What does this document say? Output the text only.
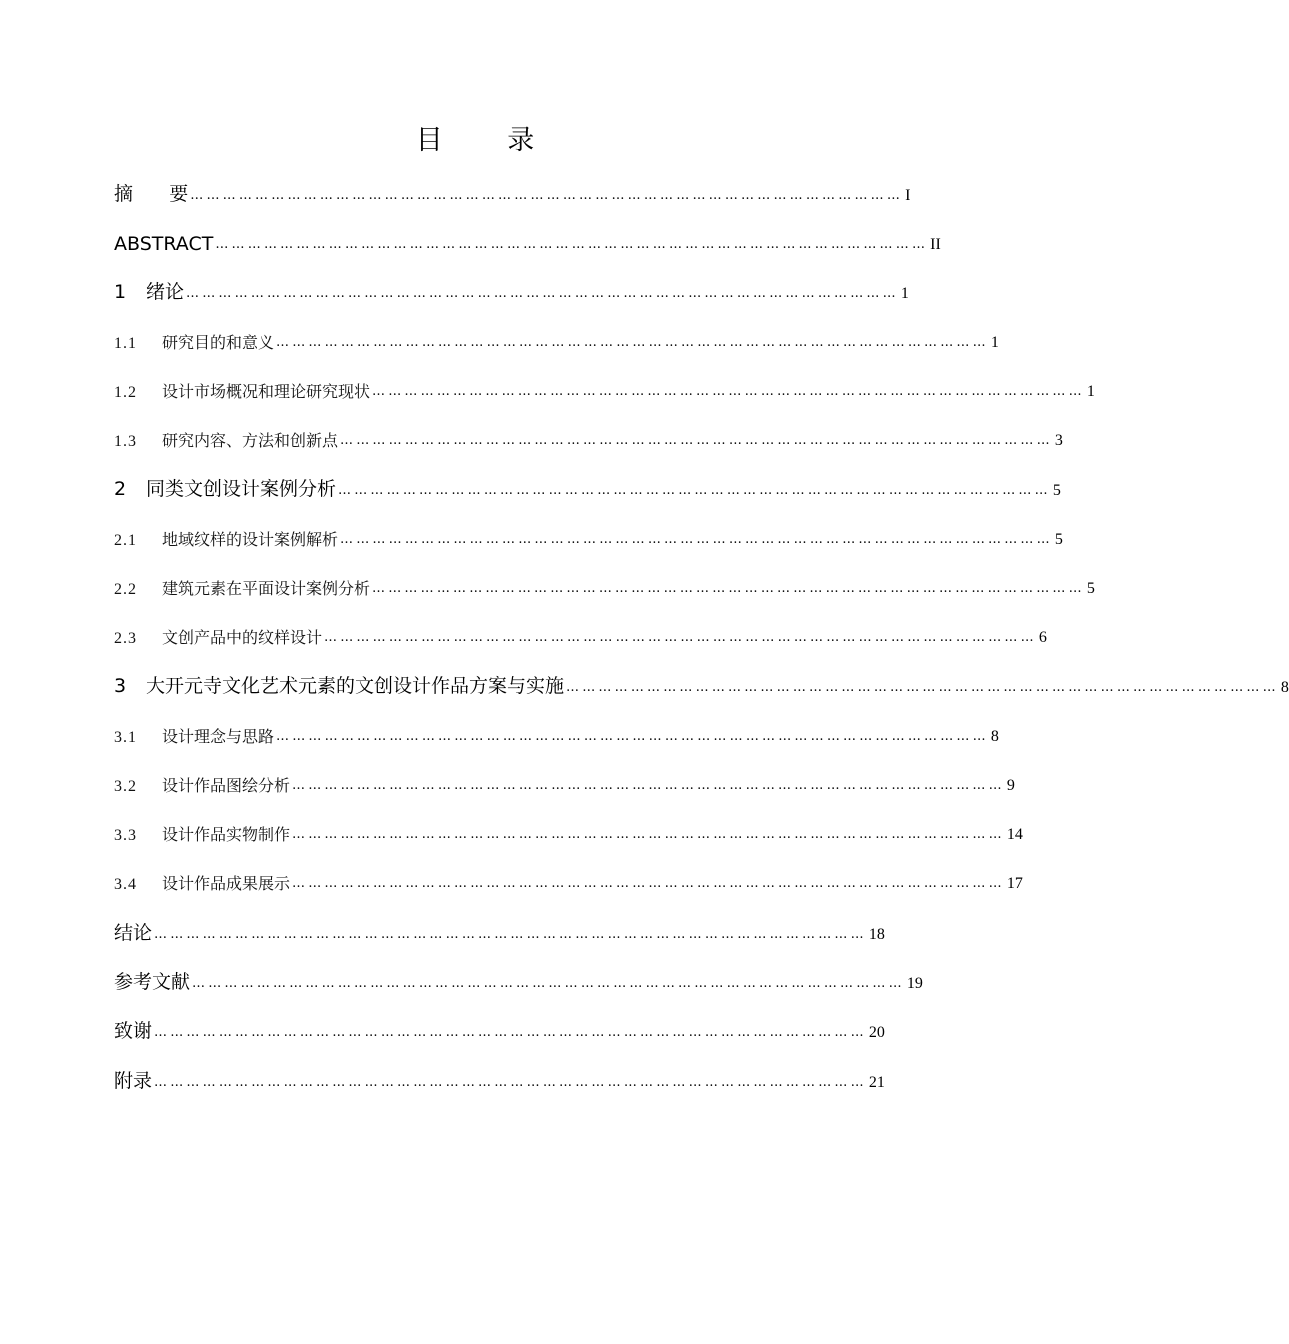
目 录
摘      要 …………………………………………………………………………………………………………………… I
ABSTRACT …………………………………………………………………………………………………………………… II
1 绪论 …………………………………………………………………………………………………………………… 1
1.1 研究目的和意义 …………………………………………………………………………………………………………………… 1
1.2 设计市场概况和理论研究现状 …………………………………………………………………………………………………………………… 1
1.3 研究内容、方法和创新点 …………………………………………………………………………………………………………………… 3
2 同类文创设计案例分析 …………………………………………………………………………………………………………………… 5
2.1 地域纹样的设计案例解析 …………………………………………………………………………………………………………………… 5
2.2 建筑元素在平面设计案例分析 …………………………………………………………………………………………………………………… 5
2.3 文创产品中的纹样设计 …………………………………………………………………………………………………………………… 6
3 大开元寺文化艺术元素的文创设计作品方案与实施 …………………………………………………………………………………………………………………… 8
3.1 设计理念与思路 …………………………………………………………………………………………………………………… 8
3.2 设计作品图绘分析 …………………………………………………………………………………………………………………… 9
3.3 设计作品实物制作 …………………………………………………………………………………………………………………… 14
3.4 设计作品成果展示 …………………………………………………………………………………………………………………… 17
结论 …………………………………………………………………………………………………………………… 18
参考文献 …………………………………………………………………………………………………………………… 19
致谢 …………………………………………………………………………………………………………………… 20
附录 …………………………………………………………………………………………………………………… 21
